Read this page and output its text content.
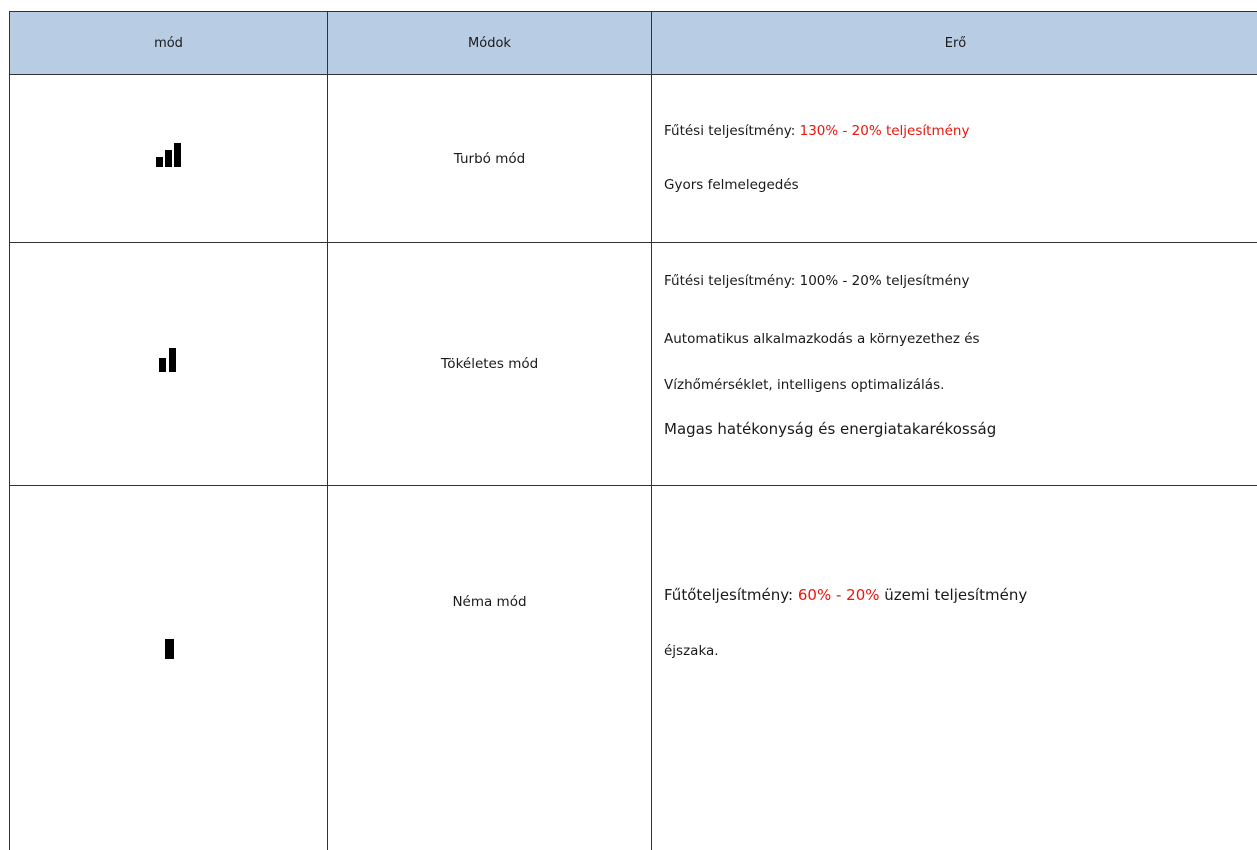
mód	Módok	Erő

	Turbó mód	Fűtési teljesítmény: 130% - 20% teljesítmény
Gyors felmelegedés

	Tökéletes mód	Fűtési teljesítmény: 100% - 20% teljesítmény
Automatikus alkalmazkodás a környezethez és
Vízhőmérséklet, intelligens optimalizálás.
Magas hatékonyság és energiatakarékosság

	Néma mód	Fűtőteljesítmény: 60% - 20% üzemi teljesítmény
éjszaka.
